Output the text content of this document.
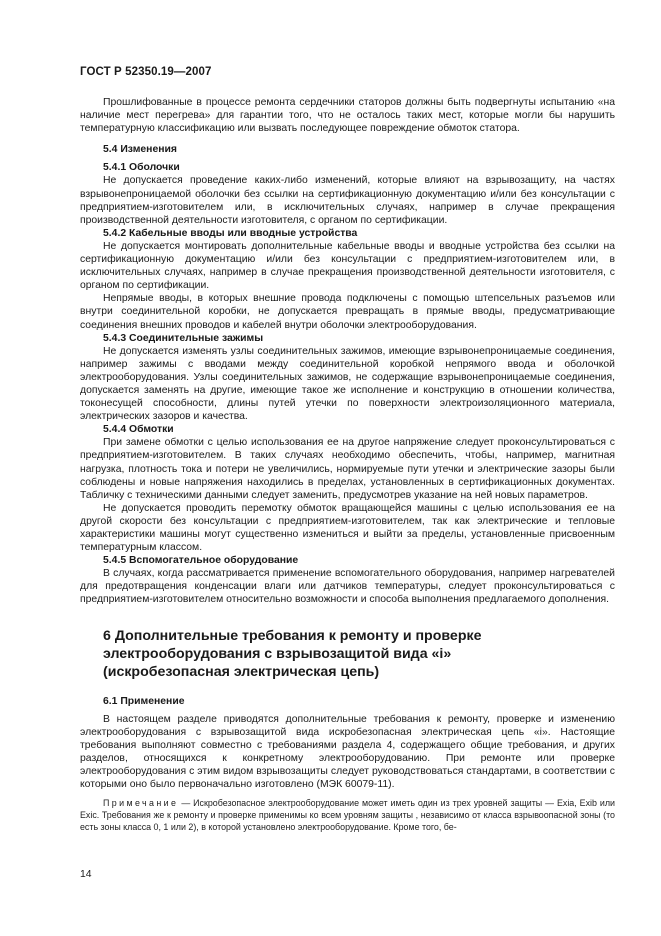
ГОСТ Р 52350.19—2007

Прошлифованные в процессе ремонта сердечники статоров должны быть подвергнуты испытанию «на наличие мест перегрева» для гарантии того, что не осталось таких мест, которые могли бы нарушить температурную классификацию или вызвать последующее повреждение обмоток статора.

5.4 Изменения
5.4.1 Оболочки

Не допускается проведение каких-либо изменений, которые влияют на взрывозащиту, на частях взрывонепроницаемой оболочки без ссылки на сертификационную документацию и/или без консультации с предприятием-изготовителем или, в исключительных случаях, например в случае прекращения производственной деятельности изготовителя, с органом по сертификации.

5.4.2 Кабельные вводы или вводные устройства

Не допускается монтировать дополнительные кабельные вводы и вводные устройства без ссылки на сертификационную документацию и/или без консультации с предприятием-изготовителем или, в исключительных случаях, например в случае прекращения производственной деятельности изготовителя, с органом по сертификации.

Непрямые вводы, в которых внешние провода подключены с помощью штепсельных разъемов или внутри соединительной коробки, не допускается превращать в прямые вводы, предусматривающие соединения внешних проводов и кабелей внутри оболочки электрооборудования.

5.4.3 Соединительные зажимы

Не допускается изменять узлы соединительных зажимов, имеющие взрывонепроницаемые соединения, например зажимы с вводами между соединительной коробкой непрямого ввода и оболочкой электрооборудования. Узлы соединительных зажимов, не содержащие взрывонепроницаемые соединения, допускается заменять на другие, имеющие такое же исполнение и конструкцию в отношении количества, токонесущей способности, длины путей утечки по поверхности электроизоляционного материала, электрических зазоров и качества.

5.4.4 Обмотки

При замене обмотки с целью использования ее на другое напряжение следует проконсультироваться с предприятием-изготовителем. В таких случаях необходимо обеспечить, чтобы, например, магнитная нагрузка, плотность тока и потери не увеличились, нормируемые пути утечки и электрические зазоры были соблюдены и новые напряжения находились в пределах, установленных в сертификационных документах. Табличку с техническими данными следует заменить, предусмотрев указание на ней новых параметров.

Не допускается проводить перемотку обмоток вращающейся машины с целью использования ее на другой скорости без консультации с предприятием-изготовителем, так как электрические и тепловые характеристики машины могут существенно измениться и выйти за пределы, установленные присвоенным температурным классом.

5.4.5 Вспомогательное оборудование

В случаях, когда рассматривается применение вспомогательного оборудования, например нагревателей для предотвращения конденсации влаги или датчиков температуры, следует проконсультироваться с предприятием-изготовителем относительно возможности и способа выполнения предлагаемого дополнения.

6 Дополнительные требования к ремонту и проверке
электрооборудования с взрывозащитой вида «i»
(искробезопасная электрическая цепь)
6.1 Применение

В настоящем разделе приводятся дополнительные требования к ремонту, проверке и изменению электрооборудования с взрывозащитой вида искробезопасная электрическая цепь «i». Настоящие требования выполняют совместно с требованиями раздела 4, содержащего общие требования, и других разделов, относящихся к конкретному электрооборудованию. При ремонте или проверке электрооборудования с этим видом взрывозащиты следует руководствоваться стандартами, в соответствии с которыми оно было первоначально изготовлено (МЭК 60079-11).

Примечание — Искробезопасное электрооборудование может иметь один из трех уровней защиты — Exia, Exib или Exic. Требования же к ремонту и проверке применимы ко всем уровням защиты , независимо от класса взрывоопасной зоны (то есть зоны класса 0, 1 или 2), в которой установлено электрооборудование. Кроме того, бе-
14
